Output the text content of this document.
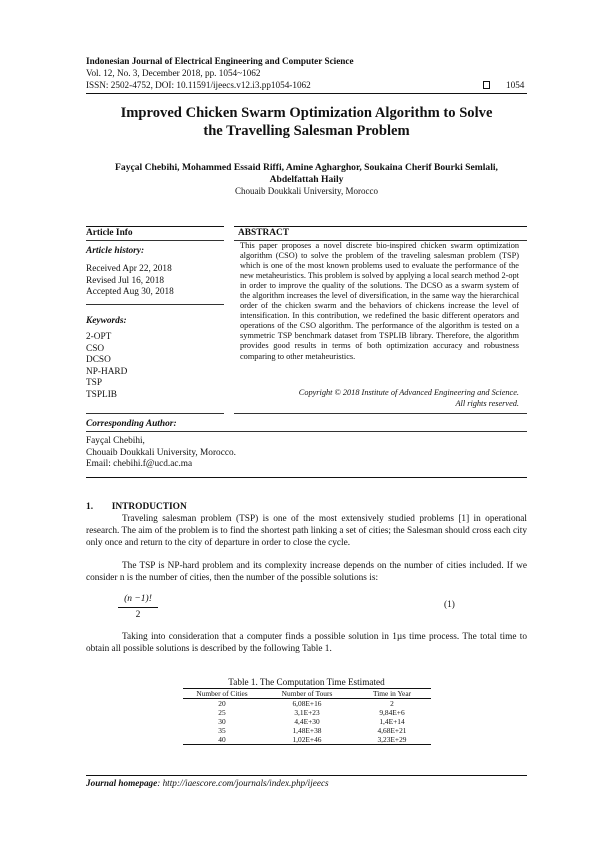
Indonesian Journal of Electrical Engineering and Computer Science
Vol. 12, No. 3, December 2018, pp. 1054~1062
ISSN: 2502-4752, DOI: 10.11591/ijeecs.v12.i3.pp1054-1062	1054
Improved Chicken Swarm Optimization Algorithm to Solve
the Travelling Salesman Problem
Fayçal Chebihi, Mohammed Essaid Riffi, Amine Agharghor, Soukaina Cherif Bourki Semlali,
Abdelfattah Haily
Chouaib Doukkali University, Morocco
Article Info	ABSTRACT
Article history:
Received Apr 22, 2018
Revised Jul 16, 2018
Accepted Aug 30, 2018
Keywords:
2-OPT
CSO
DCSO
NP-HARD
TSP
TSPLIB
This paper proposes a novel discrete bio-inspired chicken swarm optimization algorithm (CSO) to solve the problem of the traveling salesman problem (TSP) which is one of the most known problems used to evaluate the performance of the new metaheuristics. This problem is solved by applying a local search method 2-opt in order to improve the quality of the solutions. The DCSO as a swarm system of the algorithm increases the level of diversification, in the same way the hierarchical order of the chicken swarm and the behaviors of chickens increase the level of intensification. In this contribution, we redefined the basic different operators and operations of the CSO algorithm. The performance of the algorithm is tested on a symmetric TSP benchmark dataset from TSPLIB library. Therefore, the algorithm provides good results in terms of both optimization accuracy and robustness comparing to other metaheuristics.
Copyright © 2018 Institute of Advanced Engineering and Science.
All rights reserved.
Corresponding Author:
Fayçal Chebihi,
Chouaib Doukkali University, Morocco.
Email: chebihi.f@ucd.ac.ma
1. INTRODUCTION
Traveling salesman problem (TSP) is one of the most extensively studied problems [1] in operational research. The aim of the problem is to find the shortest path linking a set of cities; the Salesman should cross each city only once and return to the city of departure in order to close the cycle.
The TSP is NP-hard problem and its complexity increase depends on the number of cities included. If we consider n is the number of cities, then the number of the possible solutions is:
(n −1)!
2
(1)
Taking into consideration that a computer finds a possible solution in 1µs time process. The total time to obtain all possible solutions is described by the following Table 1.
Table 1. The Computation Time Estimated
Number of Cities	Number of Tours	Time in Year
20	6,08E+16	2
25	3,1E+23	9,84E+6
30	4,4E+30	1,4E+14
35	1,48E+38	4,68E+21
40	1,02E+46	3,23E+29
Journal homepage: http://iaescore.com/journals/index.php/ijeecs
